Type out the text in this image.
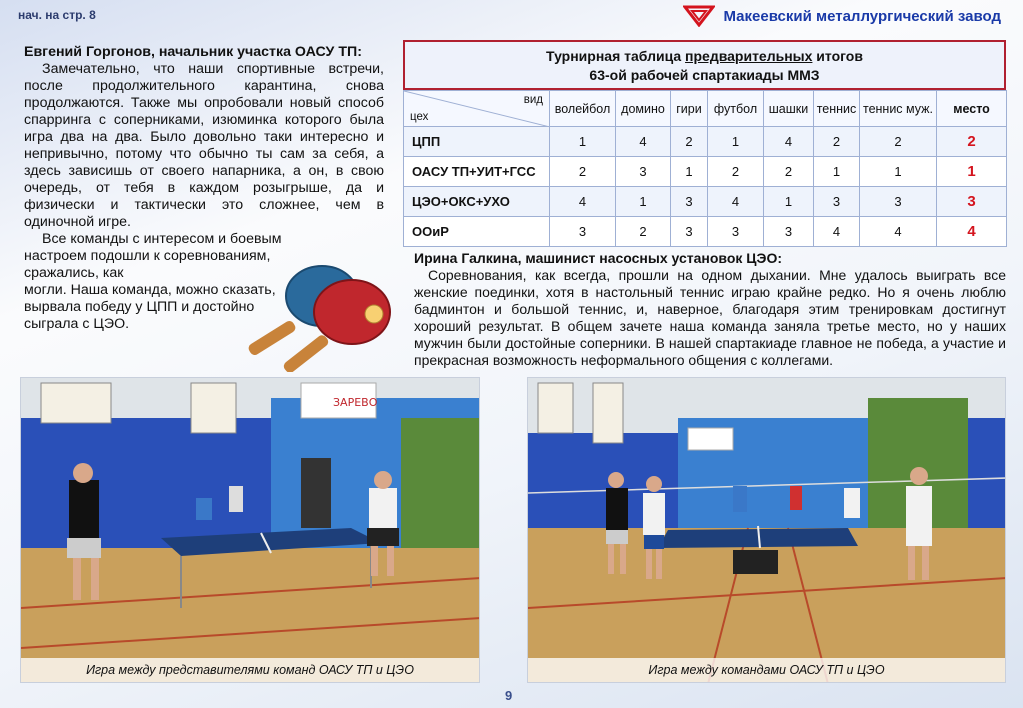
нач. на стр. 8	Макеевский металлургический завод
Евгений Горгонов, начальник участка ОАСУ ТП:

Замечательно, что наши спортивные встречи, после продолжительного карантина, снова продолжаются. Также мы опробовали новый способ спарринга с соперниками, изюминка которого была игра два на два. Было довольно таки интересно и непривычно, потому что обычно ты сам за себя, а здесь зависишь от своего напарника, а он, в свою очередь, от тебя в каждом розыгрыше, да и физически и тактически это сложнее, чем в одиночной игре.

Все команды с интересом и боевым настроем подошли к соревнованиям, сражались, как

могли. Наша команда, можно сказать, вырвала победу у ЦПП и достойно сыграла с ЦЭО.

Турнирная таблица предварительных итогов
63-ой рабочей спартакиады ММЗ
вид
цех	волейбол	домино	гири	футбол	шашки	теннис	теннис муж.	место
ЦПП	1	4	2	1	4	2	2	2
ОАСУ ТП+УИТ+ГСС	2	3	1	2	2	1	1	1
ЦЭО+ОКС+УХО	4	1	3	4	1	3	3	3
ООиР	3	2	3	3	3	4	4	4
Ирина Галкина, машинист насосных установок ЦЭО:

Соревнования, как всегда, прошли на одном дыхании. Мне удалось выиграть все женские поединки, хотя в настольный теннис играю крайне редко. Но я очень люблю бадминтон и большой теннис, и, наверное, благодаря этим тренировкам достигнут хороший результат. В общем зачете наша команда заняла третье место, но у наших мужчин были достойные соперники. В нашей спартакиаде главное не победа, а участие и прекрасная возможность неформального общения с коллегами.

ЗАРЕВО
Игра между представителями команд ОАСУ ТП и ЦЭО	Игра между командами ОАСУ ТП и ЦЭО
9
